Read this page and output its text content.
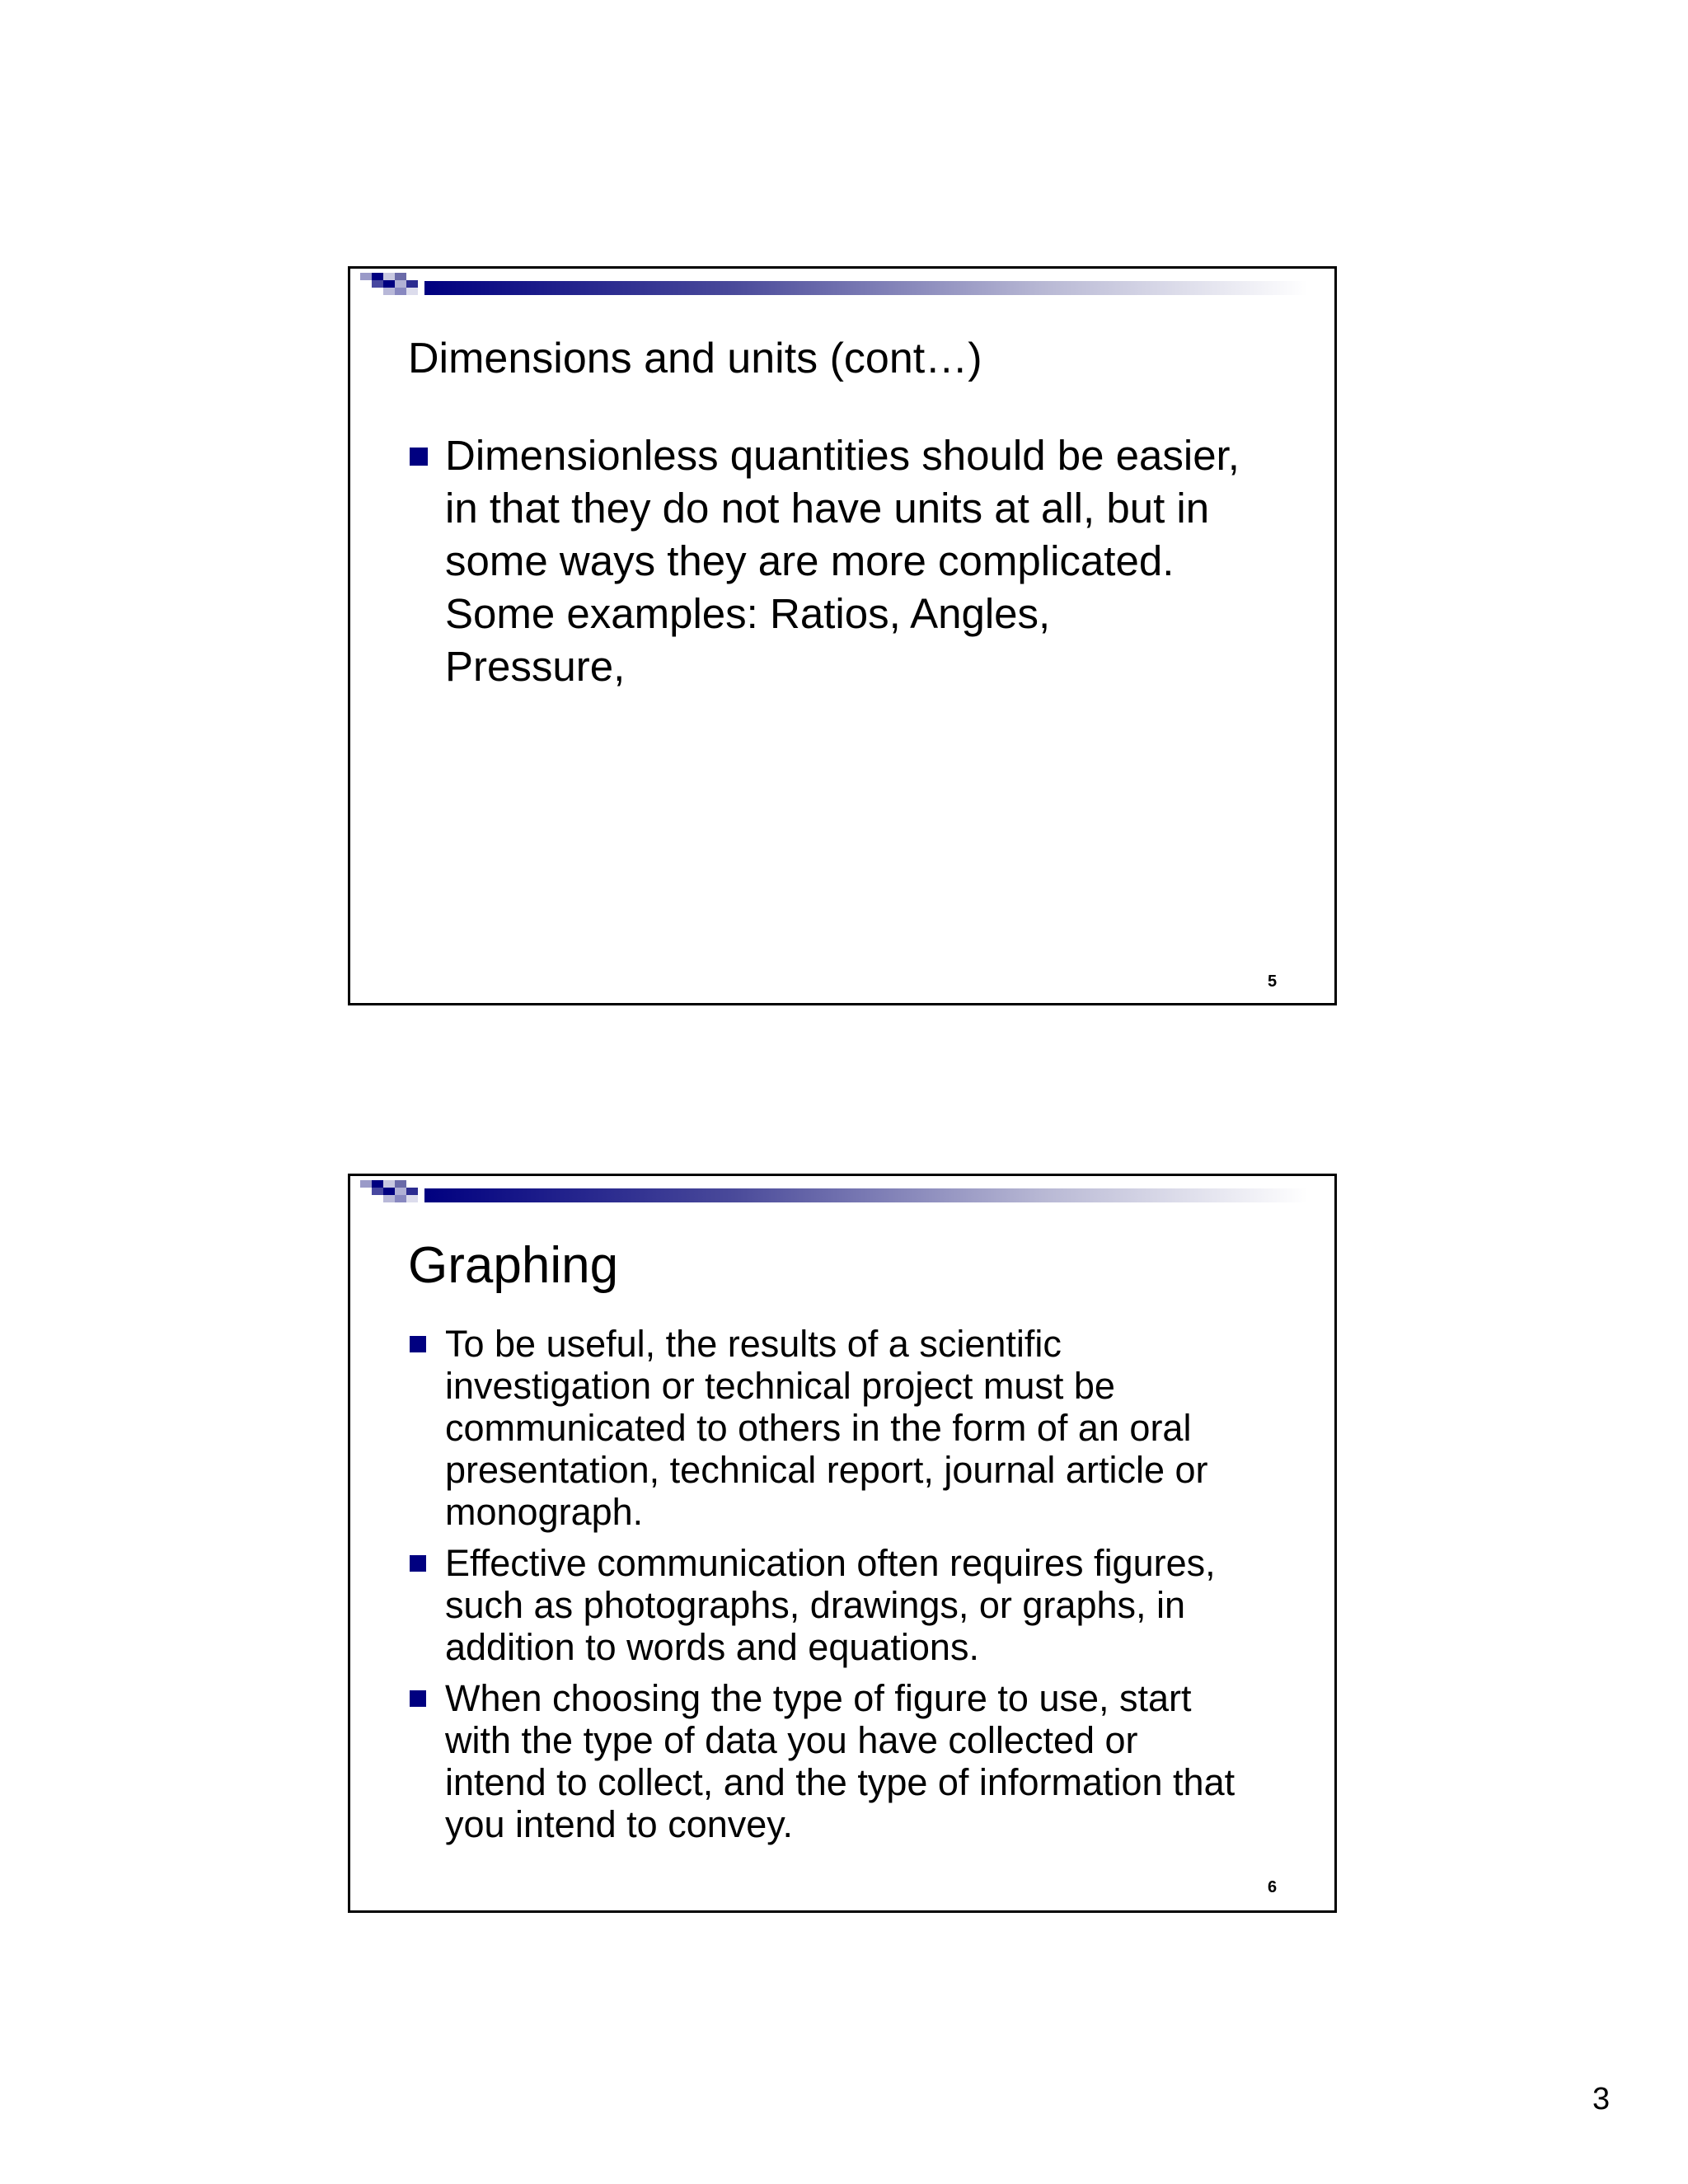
Dimensions and units (cont…)
Dimensionless quantities should be easier,
in that they do not have units at all, but in
some ways they are more complicated.
Some examples: Ratios, Angles,
Pressure,
5
Graphing
To be useful, the results of a scientific
investigation or technical project must be
communicated to others in the form of an oral
presentation, technical report, journal article or
monograph.
Effective communication often requires figures,
such as photographs, drawings, or graphs, in
addition to words and equations.
When choosing the type of figure to use, start
with the type of data you have collected or
intend to collect, and the type of information that
you intend to convey.
6
3
